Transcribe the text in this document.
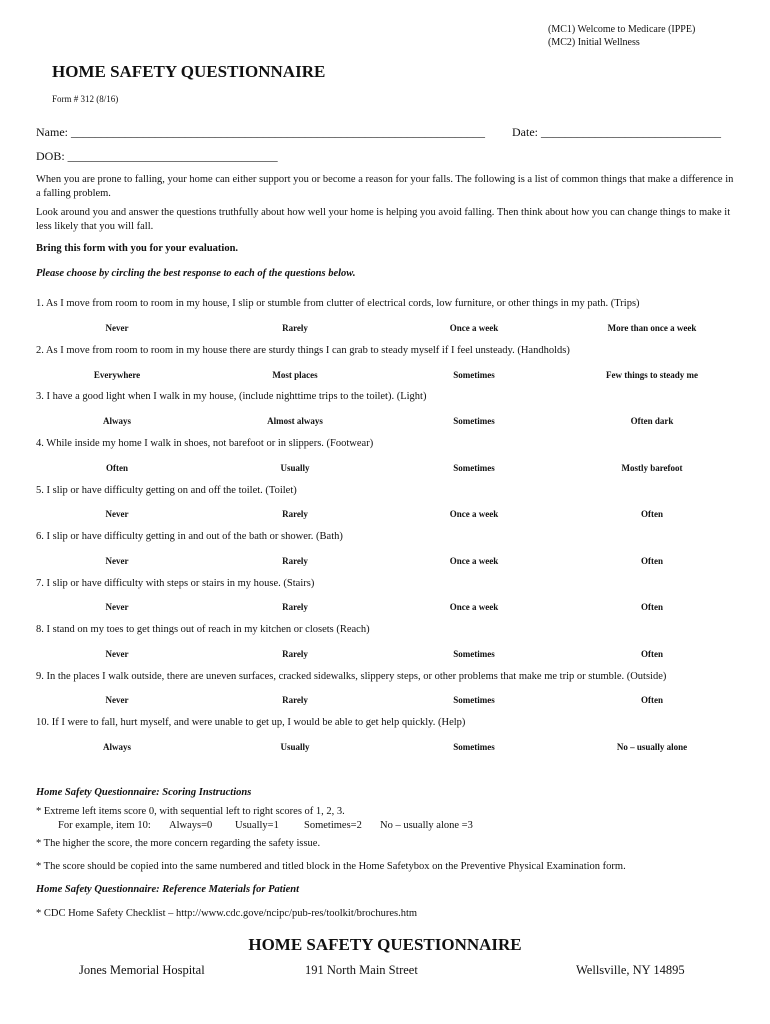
(MC1) Welcome to Medicare (IPPE)
(MC2) Initial Wellness
HOME SAFETY QUESTIONNAIRE
Form # 312 (8/16)
Name: _____________________________________________________________________ Date: ______________________________
DOB: ___________________________________
When you are prone to falling, your home can either support you or become a reason for your falls. The following is a list of common things that make a difference in a falling problem.
Look around you and answer the questions truthfully about how well your home is helping you avoid falling. Then think about how you can change things to make it less likely that you will fall.
Bring this form with you for your evaluation.
Please choose by circling the best response to each of the questions below.
1. As I move from room to room in my house, I slip or stumble from clutter of electrical cords, low furniture, or other things in my path. (Trips)
Never	Rarely	Once a week	More than once a week
2. As I move from room to room in my house there are sturdy things I can grab to steady myself if I feel unsteady. (Handholds)
Everywhere	Most places	Sometimes	Few things to steady me
3. I have a good light when I walk in my house, (include nighttime trips to the toilet). (Light)
Always	Almost always	Sometimes	Often dark
4. While inside my home I walk in shoes, not barefoot or in slippers. (Footwear)
Often	Usually	Sometimes	Mostly barefoot
5. I slip or have difficulty getting on and off the toilet. (Toilet)
Never	Rarely	Once a week	Often
6. I slip or have difficulty getting in and out of the bath or shower. (Bath)
Never	Rarely	Once a week	Often
7. I slip or have difficulty with steps or stairs in my house. (Stairs)
Never	Rarely	Once a week	Often
8. I stand on my toes to get things out of reach in my kitchen or closets (Reach)
Never	Rarely	Sometimes	Often
9. In the places I walk outside, there are uneven surfaces, cracked sidewalks, slippery steps, or other problems that make me trip or stumble. (Outside)
Never	Rarely	Sometimes	Often
10. If I were to fall, hurt myself, and were unable to get up, I would be able to get help quickly. (Help)
Always	Usually	Sometimes	No – usually alone
Home Safety Questionnaire: Scoring Instructions
* Extreme left items score 0, with sequential left to right scores of 1, 2, 3.
For example, item 10: Always=0 Usually=1 Sometimes=2 No – usually alone =3
* The higher the score, the more concern regarding the safety issue.
* The score should be copied into the same numbered and titled block in the Home Safetybox on the Preventive Physical Examination form.
Home Safety Questionnaire: Reference Materials for Patient
* CDC Home Safety Checklist – http://www.cdc.gove/ncipc/pub-res/toolkit/brochures.htm
HOME SAFETY QUESTIONNAIRE
Jones Memorial Hospital	191 North Main Street	Wellsville, NY 14895
